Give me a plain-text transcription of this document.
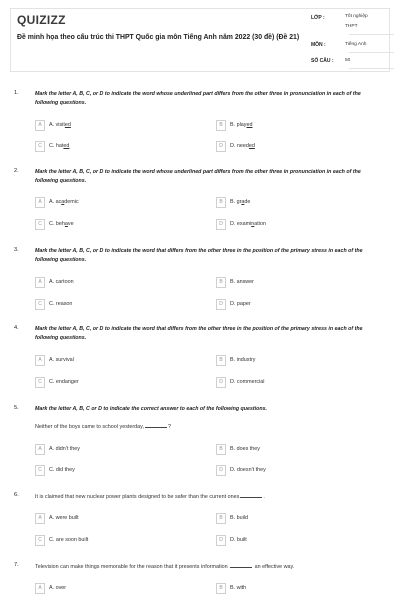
QUIZIZZ
Đề minh họa theo cấu trúc thi THPT Quốc gia môn Tiếng Anh năm 2022 (30 đề) (Đề 21)
LỚP :	Tốt nghiệp
THPT
MÔN :	Tiếng Anh
SỐ CÂU : 50
1.	Mark the letter A, B, C, or D to indicate the word whose underlined part differs from the other three in pronunciation in each of the following questions.
A	A. visited	B	B. played
C	C. hated	D	D. needed
2.	Mark the letter A, B, C, or D to indicate the word whose underlined part differs from the other three in pronunciation in each of the following questions.
A	A. academic	B	B. grade
C	C. behave	D	D. examination
3.	Mark the letter A, B, C, or D to indicate the word that differs from the other three in the position of the primary stress in each of the following questions.
A	A. cartoon	B	B. answer
C	C. reason	D	D. paper
4.	Mark the letter A, B, C, or D to indicate the word that differs from the other three in the position of the primary stress in each of the following questions.
A	A. survival	B	B. industry
C	C. endanger	D	D. commercial
5.	Mark the letter A, B, C or D to indicate the correct answer to each of the following questions.
Neither of the boys came to school yesterday,	?
A	A. didn't they	B	B. does they
C	C. did they	D	D. doesn't they
6.	It is claimed that new nuclear power plants designed to be safer than the current ones	.
A	A. were built	B	B. build
C	C. are soon built	D	D. built
7.	Television can make things memorable for the reason that it presents information	an effective way.
A	A. over	B	B. with
